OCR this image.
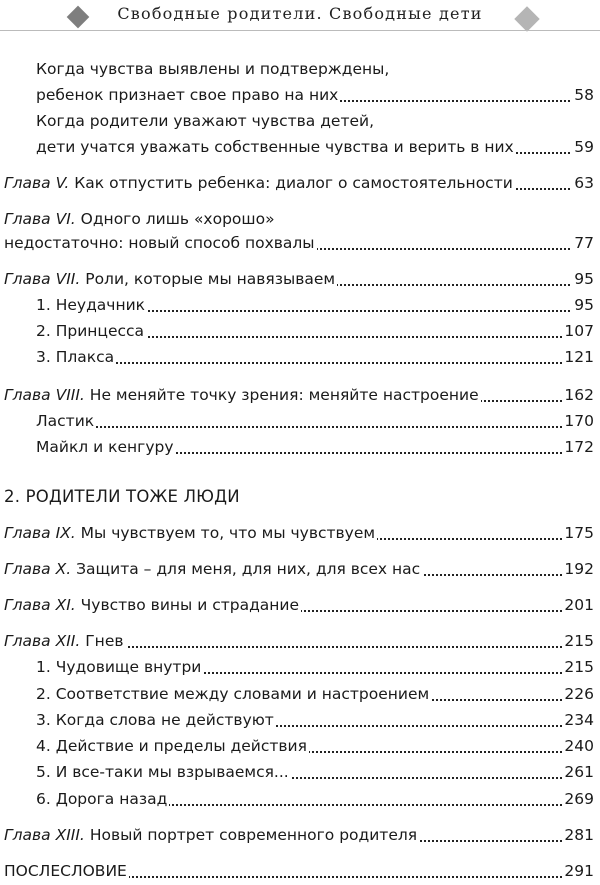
Свободные родители. Свободные дети
Когда чувства выявлены и подтверждены,
ребенок признает свое право на них	58
Когда родители уважают чувства детей,
дети учатся уважать собственные чувства и верить в них	59
Глава V. Как отпустить ребенка: диалог о самостоятельности	63
Глава VI. Одного лишь «хорошо»
недостаточно: новый способ похвалы	77
Глава VII. Роли, которые мы навязываем	95
1. Неудачник	95
2. Принцесса	107
3. Плакса	121
Глава VIII. Не меняйте точку зрения: меняйте настроение	162
Ластик	170
Майкл и кенгуру	172
2. РОДИТЕЛИ ТОЖЕ ЛЮДИ
Глава IX. Мы чувствуем то, что мы чувствуем	175
Глава X. Защита – для меня, для них, для всех нас	192
Глава XI. Чувство вины и страдание	201
Глава XII. Гнев	215
1. Чудовище внутри	215
2. Соответствие между словами и настроением	226
3. Когда слова не действуют	234
4. Действие и пределы действия	240
5. И все-таки мы взрываемся...	261
6. Дорога назад	269
Глава XIII. Новый портрет современного родителя	281
ПОСЛЕСЛОВИЕ	291
